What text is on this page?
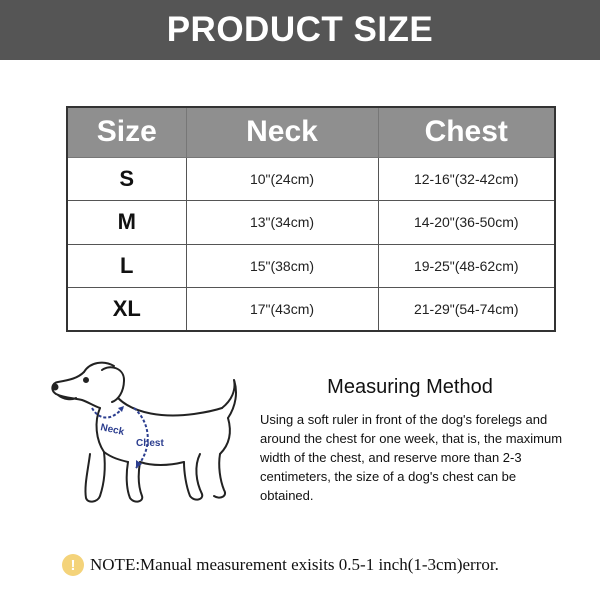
PRODUCT SIZE
Size	Neck	Chest
S	10"(24cm)	12-16"(32-42cm)
M	13"(34cm)	14-20"(36-50cm)
L	15"(38cm)	19-25"(48-62cm)
XL	17"(43cm)	21-29"(54-74cm)
Neck
Chest
Measuring Method
Using a soft ruler in front of the dog's forelegs and around the chest for one week, that is, the maximum width of the chest, and reserve more than 2-3 centimeters, the size of a dog's chest can be obtained.
! NOTE:Manual measurement exisits 0.5-1 inch(1-3cm)error.
